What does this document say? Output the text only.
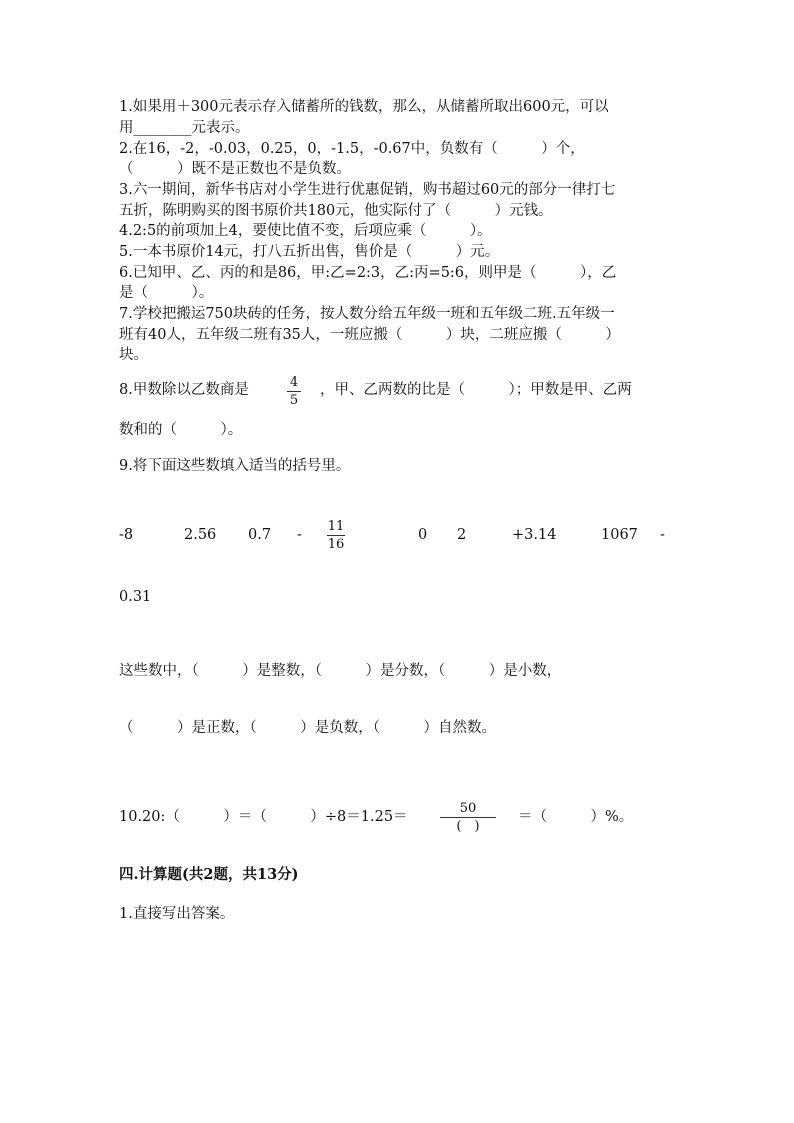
1.如果用＋300元表示存入储蓄所的钱数，那么，从储蓄所取出600元，可以
用________元表示。
2.在16，-2，-0.03，0.25，0，-1.5，-0.67中，负数有（　　　）个，
（　　　）既不是正数也不是负数。
3.六一期间，新华书店对小学生进行优惠促销，购书超过60元的部分一律打七
五折，陈明购买的图书原价共180元，他实际付了（　　　）元钱。
4.2:5的前项加上4，要使比值不变，后项应乘（　　　）。
5.一本书原价14元，打八五折出售，售价是（　　　）元。
6.已知甲、乙、丙的和是86，甲:乙=2:3，乙:丙=5:6，则甲是（　　　），乙
是（　　　）。
7.学校把搬运750块砖的任务，按人数分给五年级一班和五年级二班.五年级一
班有40人，五年级二班有35人，一班应搬（　　　）块，二班应搬（　　　）
块。
8.甲数除以乙数商是	4
5
，甲、乙两数的比是（　　　）；甲数是甲、乙两
数和的（　　　）。
9.将下面这些数填入适当的括号里。
-8	2.56 0.7 -
11
16
0 2	+3.14	1067 -
0.31
这些数中，（　　　）是整数，（　　　）是分数，（　　　）是小数，
（　　　）是正数，（　　　）是负数，（　　　）自然数。
10.20:（　　　）＝（　　　）÷8＝1.25＝
50
(　)
＝（　　　）%。
四.计算题(共2题，共13分)
1.直接写出答案。
